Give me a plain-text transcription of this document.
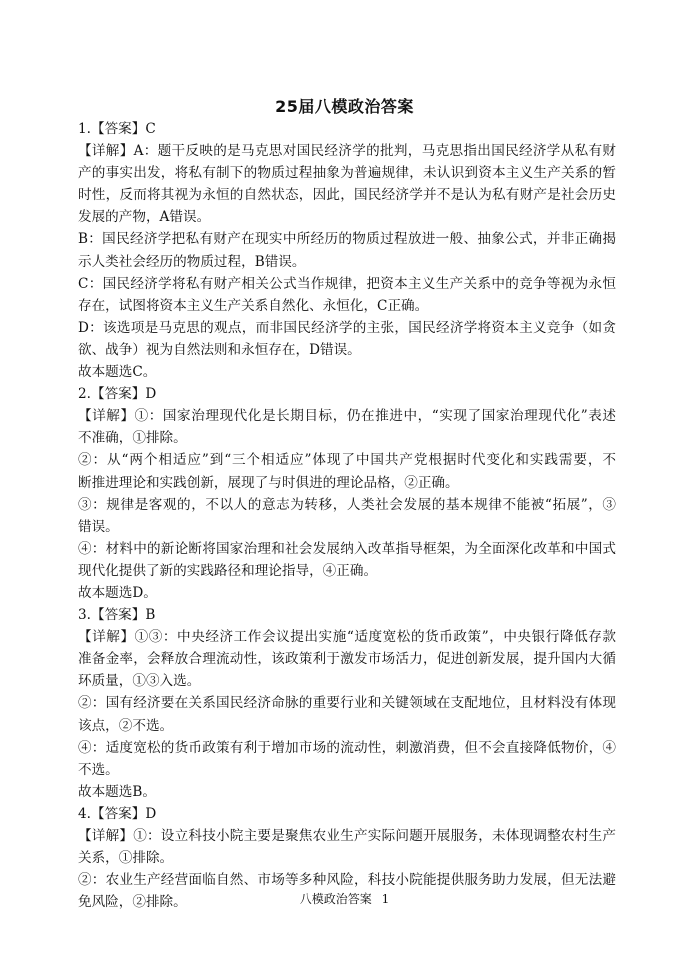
25届八模政治答案
1.【答案】C
【详解】A：题干反映的是马克思对国民经济学的批判，马克思指出国民经济学从私有财
产的事实出发，将私有制下的物质过程抽象为普遍规律，未认识到资本主义生产关系的暂
时性，反而将其视为永恒的自然状态，因此，国民经济学并不是认为私有财产是社会历史
发展的产物，A错误。
B：国民经济学把私有财产在现实中所经历的物质过程放进一般、抽象公式，并非正确揭
示人类社会经历的物质过程，B错误。
C：国民经济学将私有财产相关公式当作规律，把资本主义生产关系中的竞争等视为永恒
存在，试图将资本主义生产关系自然化、永恒化，C正确。
D：该选项是马克思的观点，而非国民经济学的主张，国民经济学将资本主义竞争（如贪
欲、战争）视为自然法则和永恒存在，D错误。
故本题选C。
2.【答案】D
【详解】①：国家治理现代化是长期目标，仍在推进中，“实现了国家治理现代化”表述
不准确，①排除。
②：从“两个相适应”到“三个相适应”体现了中国共产党根据时代变化和实践需要，不
断推进理论和实践创新，展现了与时俱进的理论品格，②正确。
③：规律是客观的，不以人的意志为转移，人类社会发展的基本规律不能被“拓展”，③
错误。
④：材料中的新论断将国家治理和社会发展纳入改革指导框架，为全面深化改革和中国式
现代化提供了新的实践路径和理论指导，④正确。
故本题选D。
3.【答案】B
【详解】①③：中央经济工作会议提出实施“适度宽松的货币政策”，中央银行降低存款
准备金率，会释放合理流动性，该政策利于激发市场活力，促进创新发展，提升国内大循
环质量，①③入选。
②：国有经济要在关系国民经济命脉的重要行业和关键领域在支配地位，且材料没有体现
该点，②不选。
④：适度宽松的货币政策有利于增加市场的流动性，刺激消费，但不会直接降低物价，④
不选。
故本题选B。
4.【答案】D
【详解】①：设立科技小院主要是聚焦农业生产实际问题开展服务，未体现调整农村生产
关系，①排除。
②：农业生产经营面临自然、市场等多种风险，科技小院能提供服务助力发展，但无法避
免风险，②排除。	八模政治答案 1
